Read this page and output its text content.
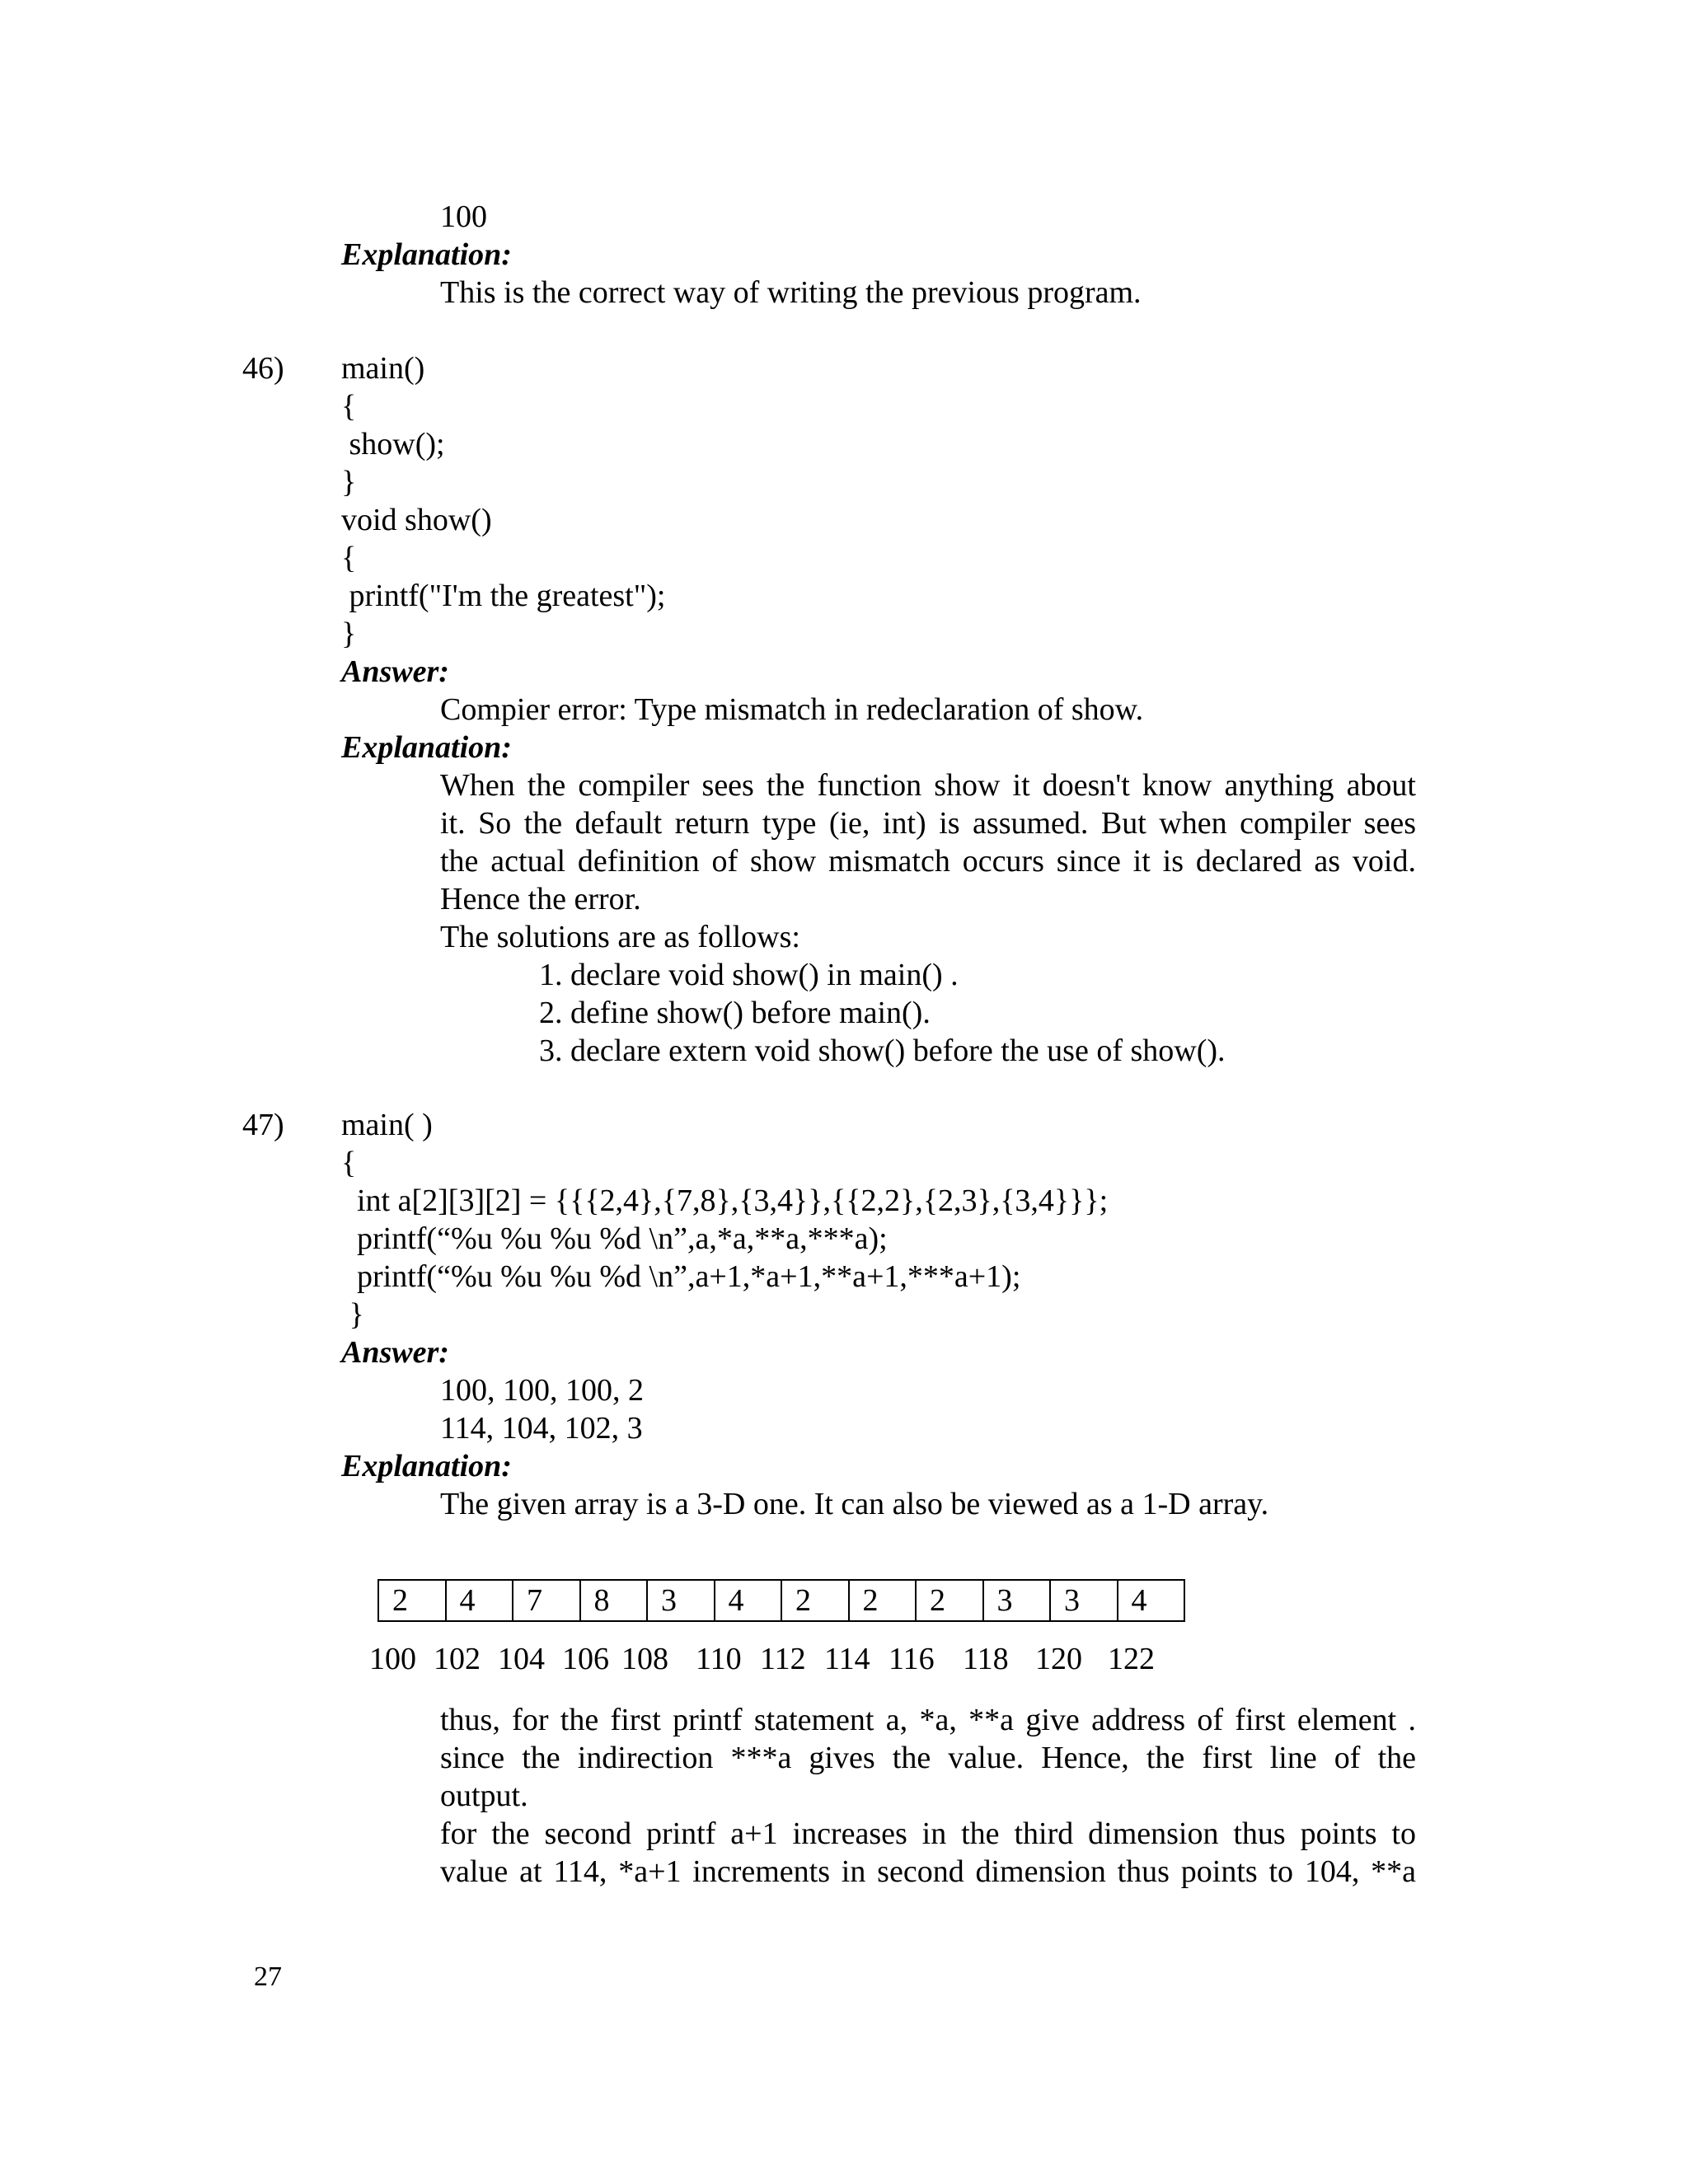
100
Explanation:
This is the correct way of writing the previous program.
46) main()
{
show();
}
void show()
{
printf("I'm the greatest");
}
Answer:
Compier error: Type mismatch in redeclaration of show.
Explanation:
When the compiler sees the function show it doesn't know anything about
it. So the default return type (ie, int) is assumed. But when compiler sees
the actual definition of show mismatch occurs since it is declared as void.
Hence the error.
The solutions are as follows:
1. declare void show() in main() .
2. define show() before main().
3. declare extern void show() before the use of show().
47) main( )
{
int a[2][3][2] = {{{2,4},{7,8},{3,4}},{{2,2},{2,3},{3,4}}};
printf(“%u %u %u %d \n”,a,*a,**a,***a);
printf(“%u %u %u %d \n”,a+1,*a+1,**a+1,***a+1);
}
Answer:
100, 100, 100, 2
114, 104, 102, 3
Explanation:
The given array is a 3-D one. It can also be viewed as a 1-D array.
2	4	7	8	3	4	2	2	2	3	3	4
100 102 104 106 108 110 112 114 116 118 120 122
thus, for the first printf statement a, *a, **a give address of first element .
since the indirection ***a gives the value. Hence, the first line of the
output.
for the second printf a+1 increases in the third dimension thus points to
value at 114, *a+1 increments in second dimension thus points to 104, **a
27
